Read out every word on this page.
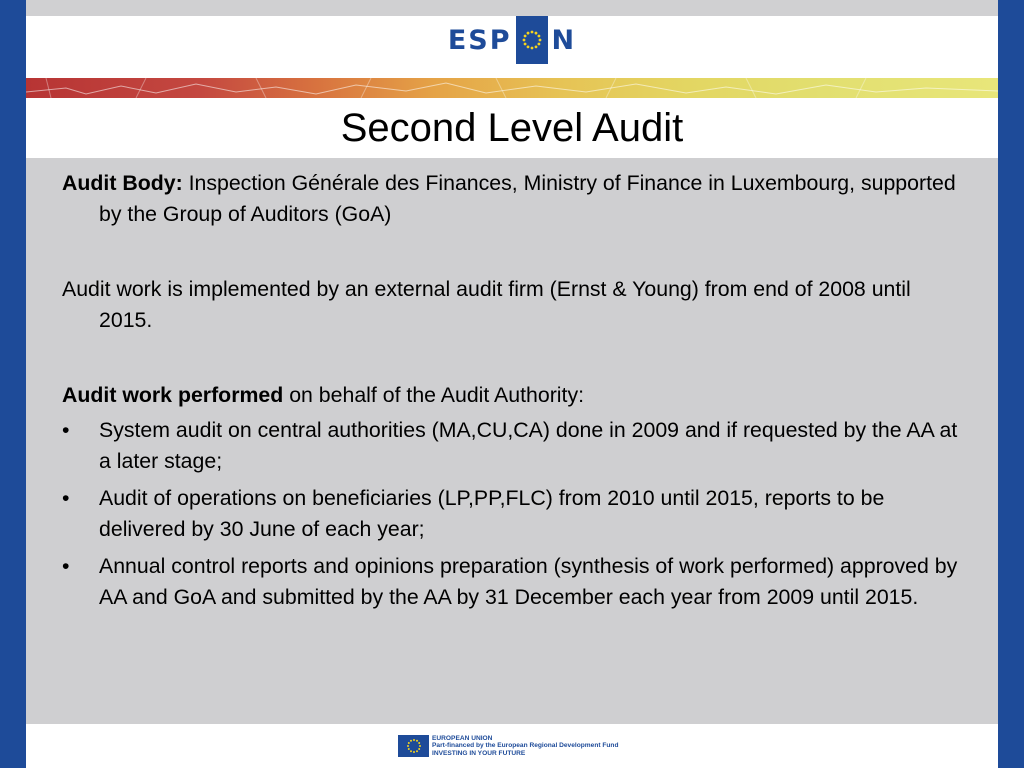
ESP N
Second Level Audit

Audit Body: Inspection Générale des Finances, Ministry of Finance in Luxembourg, supported by the Group of Auditors (GoA)

Audit work is implemented by an external audit firm (Ernst & Young) from end of 2008 until 2015.

Audit work performed on behalf of the Audit Authority:

• System audit on central authorities (MA,CU,CA) done in 2009 and if requested by the AA at a later stage;
• Audit of operations on beneficiaries (LP,PP,FLC) from 2010 until 2015, reports to be delivered by 30 June of each year;
• Annual control reports and opinions preparation (synthesis of work performed) approved by AA and GoA and submitted by the AA by 31 December each year from 2009 until 2015.
EUROPEAN UNION
Part-financed by the European Regional Development Fund
INVESTING IN YOUR FUTURE
